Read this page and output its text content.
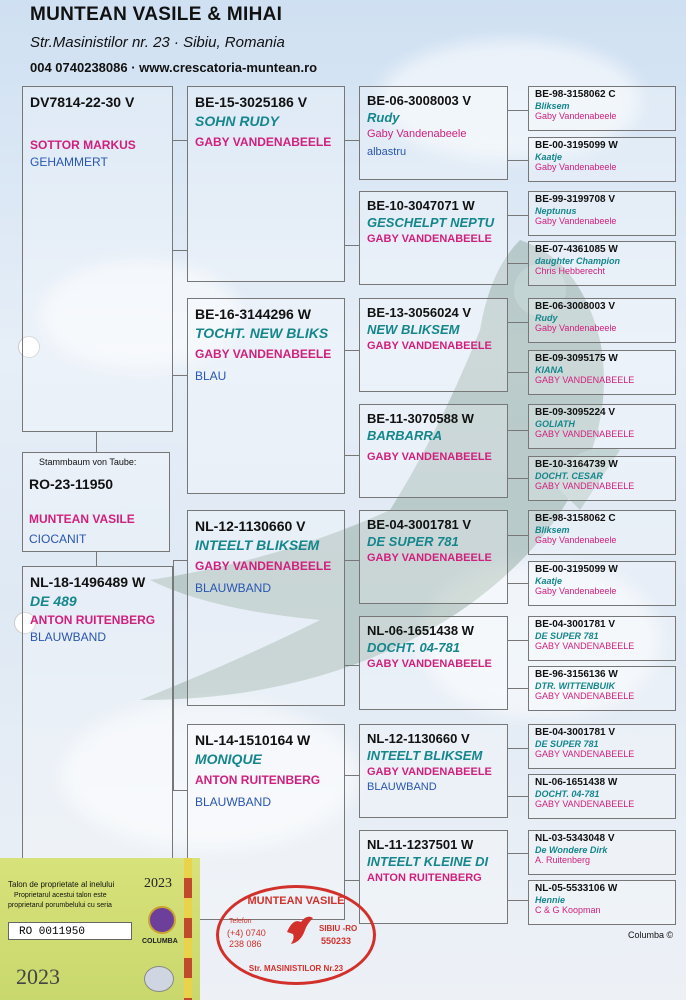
MUNTEAN VASILE & MIHAI
Str.Masinistilor nr. 23 · Sibiu, Romania
004 0740238086 · www.crescatoria-muntean.ro
DV7814-22-30 V
SOTTOR MARKUS
GEHAMMERT
Stammbaum von Taube:
RO-23-11950
MUNTEAN VASILE
CIOCANIT
NL-18-1496489 W
DE 489
ANTON RUITENBERG
BLAUWBAND
BE-15-3025186 V
SOHN RUDY
GABY VANDENABEELE
BE-16-3144296 W
TOCHT. NEW BLIKS
GABY VANDENABEELE
BLAU
NL-12-1130660 V
INTEELT BLIKSEM
GABY VANDENABEELE
BLAUWBAND
NL-14-1510164 W
MONIQUE
ANTON RUITENBERG
BLAUWBAND
BE-06-3008003 V
Rudy
Gaby Vandenabeele
albastru
BE-10-3047071 W
GESCHELPT NEPTU
GABY VANDENABEELE
BE-13-3056024 V
NEW BLIKSEM
GABY VANDENABEELE
BE-11-3070588 W
BARBARRA
GABY VANDENABEELE
BE-04-3001781 V
DE SUPER 781
GABY VANDENABEELE
NL-06-1651438 W
DOCHT. 04-781
GABY VANDENABEELE
NL-12-1130660 V
INTEELT BLIKSEM
GABY VANDENABEELE
BLAUWBAND
NL-11-1237501 W
INTEELT KLEINE DI
ANTON RUITENBERG
BE-98-3158062 C
Bliksem
Gaby Vandenabeele
BE-00-3195099 W
Kaatje
Gaby Vandenabeele
BE-99-3199708 V
Neptunus
Gaby Vandenabeele
BE-07-4361085 W
daughter Champion
Chris Hebberecht
BE-06-3008003 V
Rudy
Gaby Vandenabeele
BE-09-3095175 W
KIANA
GABY VANDENABEELE
BE-09-3095224 V
GOLIATH
GABY VANDENABEELE
BE-10-3164739 W
DOCHT. CESAR
GABY VANDENABEELE
BE-98-3158062 C
Bliksem
Gaby Vandenabeele
BE-00-3195099 W
Kaatje
Gaby Vandenabeele
BE-04-3001781 V
DE SUPER 781
GABY VANDENABEELE
BE-96-3156136 W
DTR. WITTENBUIK
GABY VANDENABEELE
BE-04-3001781 V
DE SUPER 781
GABY VANDENABEELE
NL-06-1651438 W
DOCHT. 04-781
GABY VANDENABEELE
NL-03-5343048 V
De Wondere Dirk
A. Ruitenberg
NL-05-5533106 W
Hennie
C & G Koopman
Columba ©
Talon de proprietate al inelului
Proprietarul acestui talon este
proprietarul porumbelului cu seria
RO 0011950
2023
COLUMBA
2023
MUNTEAN VASILE
Telefon
(+4) 0740
238 086
SIBIU -RO
550233
Str. MASINISTILOR Nr.23
